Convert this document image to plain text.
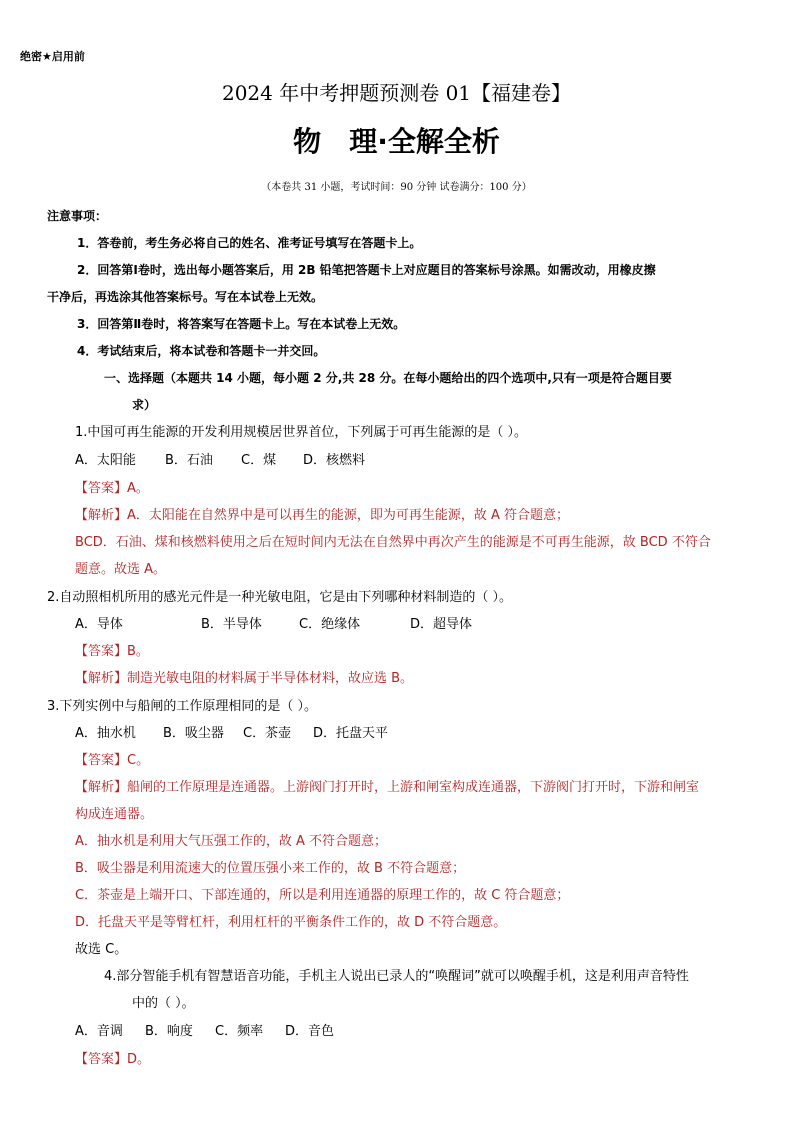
绝密★启用前
2024 年中考押题预测卷 01【福建卷】
物 理·全解全析
（本卷共 31 小题，考试时间：90 分钟 试卷满分：100 分）
注意事项：
1．答卷前，考生务必将自己的姓名、准考证号填写在答题卡上。
2．回答第Ⅰ卷时，选出每小题答案后，用 2B 铅笔把答题卡上对应题目的答案标号涂黑。如需改动，用橡皮擦
干净后，再选涂其他答案标号。写在本试卷上无效。
3．回答第Ⅱ卷时，将答案写在答题卡上。写在本试卷上无效。
4．考试结束后，将本试卷和答题卡一并交回。
一、选择题（本题共 14 小题，每小题 2 分,共 28 分。在每小题给出的四个选项中,只有一项是符合题目要
求）
1.中国可再生能源的开发利用规模居世界首位，下列属于可再生能源的是（ ）。
A．太阳能 B．石油 C．煤 D．核燃料
【答案】A。
【解析】A．太阳能在自然界中是可以再生的能源，即为可再生能源，故 A 符合题意；
BCD．石油、煤和核燃料使用之后在短时间内无法在自然界中再次产生的能源是不可再生能源，故 BCD 不符合
题意。故选 A。
2.自动照相机所用的感光元件是一种光敏电阻，它是由下列哪种材料制造的（ ）。
A．导体	B．半导体	C．绝缘体	D．超导体
【答案】B。
【解析】制造光敏电阻的材料属于半导体材料，故应选 B。
3.下列实例中与船闸的工作原理相同的是（ ）。
A．抽水机 B．吸尘器 C．茶壶 D．托盘天平
【答案】C。
【解析】船闸的工作原理是连通器。上游阀门打开时，上游和闸室构成连通器，下游阀门打开时，下游和闸室
构成连通器。
A．抽水机是利用大气压强工作的，故 A 不符合题意；
B．吸尘器是利用流速大的位置压强小来工作的，故 B 不符合题意；
C．茶壶是上端开口、下部连通的，所以是利用连通器的原理工作的，故 C 符合题意；
D．托盘天平是等臂杠杆，利用杠杆的平衡条件工作的，故 D 不符合题意。
故选 C。
4.部分智能手机有智慧语音功能，手机主人说出已录人的“唤醒词”就可以唤醒手机，这是利用声音特性
中的（ ）。
A．音调 B．响度 C．频率 D．音色
【答案】D。
